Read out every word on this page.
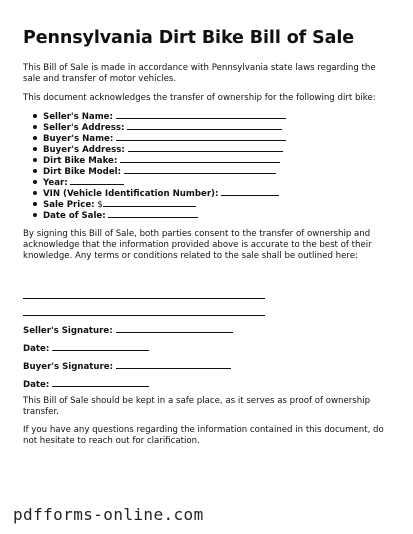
Pennsylvania Dirt Bike Bill of Sale

This Bill of Sale is made in accordance with Pennsylvania state laws regarding the sale and transfer of motor vehicles.

This document acknowledges the transfer of ownership for the following dirt bike:

Seller's Name:
Seller's Address:
Buyer's Name:
Buyer's Address:
Dirt Bike Make:
Dirt Bike Model:
Year:
VIN (Vehicle Identification Number):
Sale Price: $
Date of Sale:

By signing this Bill of Sale, both parties consent to the transfer of ownership and acknowledge that the information provided above is accurate to the best of their knowledge. Any terms or conditions related to the sale shall be outlined here:

Seller's Signature:
Date:
Buyer's Signature:
Date:

This Bill of Sale should be kept in a safe place, as it serves as proof of ownership transfer.

If you have any questions regarding the information contained in this document, do not hesitate to reach out for clarification.

pdfforms-online.com
